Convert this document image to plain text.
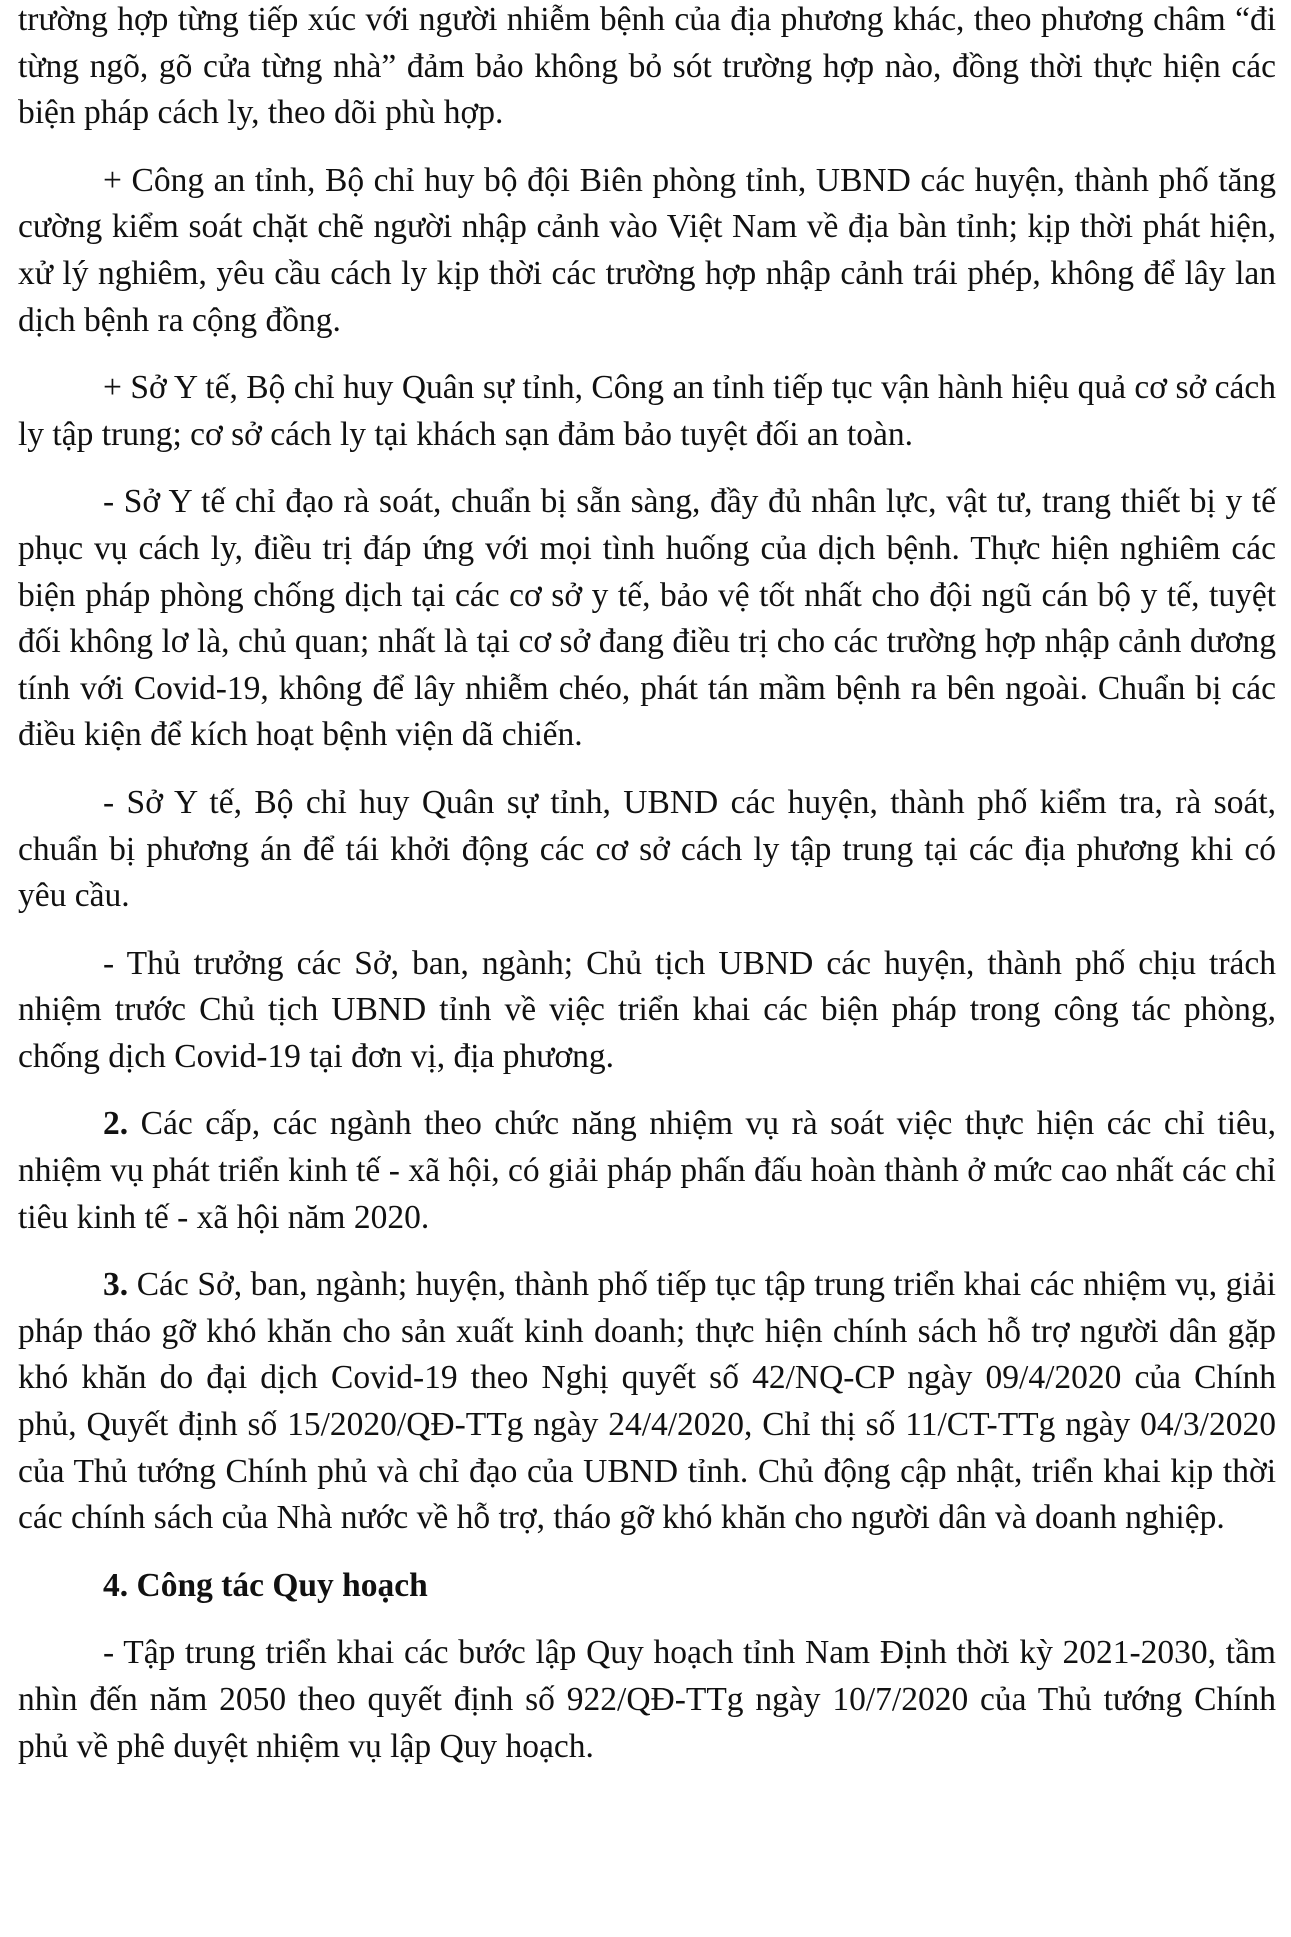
trường hợp từng tiếp xúc với người nhiễm bệnh của địa phương khác, theo phương châm “đi từng ngõ, gõ cửa từng nhà” đảm bảo không bỏ sót trường hợp nào, đồng thời thực hiện các biện pháp cách ly, theo dõi phù hợp.

+ Công an tỉnh, Bộ chỉ huy bộ đội Biên phòng tỉnh, UBND các huyện, thành phố tăng cường kiểm soát chặt chẽ người nhập cảnh vào Việt Nam về địa bàn tỉnh; kịp thời phát hiện, xử lý nghiêm, yêu cầu cách ly kịp thời các trường hợp nhập cảnh trái phép, không để lây lan dịch bệnh ra cộng đồng.

+ Sở Y tế, Bộ chỉ huy Quân sự tỉnh, Công an tỉnh tiếp tục vận hành hiệu quả cơ sở cách ly tập trung; cơ sở cách ly tại khách sạn đảm bảo tuyệt đối an toàn.

- Sở Y tế chỉ đạo rà soát, chuẩn bị sẵn sàng, đầy đủ nhân lực, vật tư, trang thiết bị y tế phục vụ cách ly, điều trị đáp ứng với mọi tình huống của dịch bệnh. Thực hiện nghiêm các biện pháp phòng chống dịch tại các cơ sở y tế, bảo vệ tốt nhất cho đội ngũ cán bộ y tế, tuyệt đối không lơ là, chủ quan; nhất là tại cơ sở đang điều trị cho các trường hợp nhập cảnh dương tính với Covid-19, không để lây nhiễm chéo, phát tán mầm bệnh ra bên ngoài. Chuẩn bị các điều kiện để kích hoạt bệnh viện dã chiến.

- Sở Y tế, Bộ chỉ huy Quân sự tỉnh, UBND các huyện, thành phố kiểm tra, rà soát, chuẩn bị phương án để tái khởi động các cơ sở cách ly tập trung tại các địa phương khi có yêu cầu.

- Thủ trưởng các Sở, ban, ngành; Chủ tịch UBND các huyện, thành phố chịu trách nhiệm trước Chủ tịch UBND tỉnh về việc triển khai các biện pháp trong công tác phòng, chống dịch Covid-19 tại đơn vị, địa phương.

2. Các cấp, các ngành theo chức năng nhiệm vụ rà soát việc thực hiện các chỉ tiêu, nhiệm vụ phát triển kinh tế - xã hội, có giải pháp phấn đấu hoàn thành ở mức cao nhất các chỉ tiêu kinh tế - xã hội năm 2020.

3. Các Sở, ban, ngành; huyện, thành phố tiếp tục tập trung triển khai các nhiệm vụ, giải pháp tháo gỡ khó khăn cho sản xuất kinh doanh; thực hiện chính sách hỗ trợ người dân gặp khó khăn do đại dịch Covid-19 theo Nghị quyết số 42/NQ-CP ngày 09/4/2020 của Chính phủ, Quyết định số 15/2020/QĐ-TTg ngày 24/4/2020, Chỉ thị số 11/CT-TTg ngày 04/3/2020 của Thủ tướng Chính phủ và chỉ đạo của UBND tỉnh. Chủ động cập nhật, triển khai kịp thời các chính sách của Nhà nước về hỗ trợ, tháo gỡ khó khăn cho người dân và doanh nghiệp.

4. Công tác Quy hoạch

- Tập trung triển khai các bước lập Quy hoạch tỉnh Nam Định thời kỳ 2021-2030, tầm nhìn đến năm 2050 theo quyết định số 922/QĐ-TTg ngày 10/7/2020 của Thủ tướng Chính phủ về phê duyệt nhiệm vụ lập Quy hoạch.
